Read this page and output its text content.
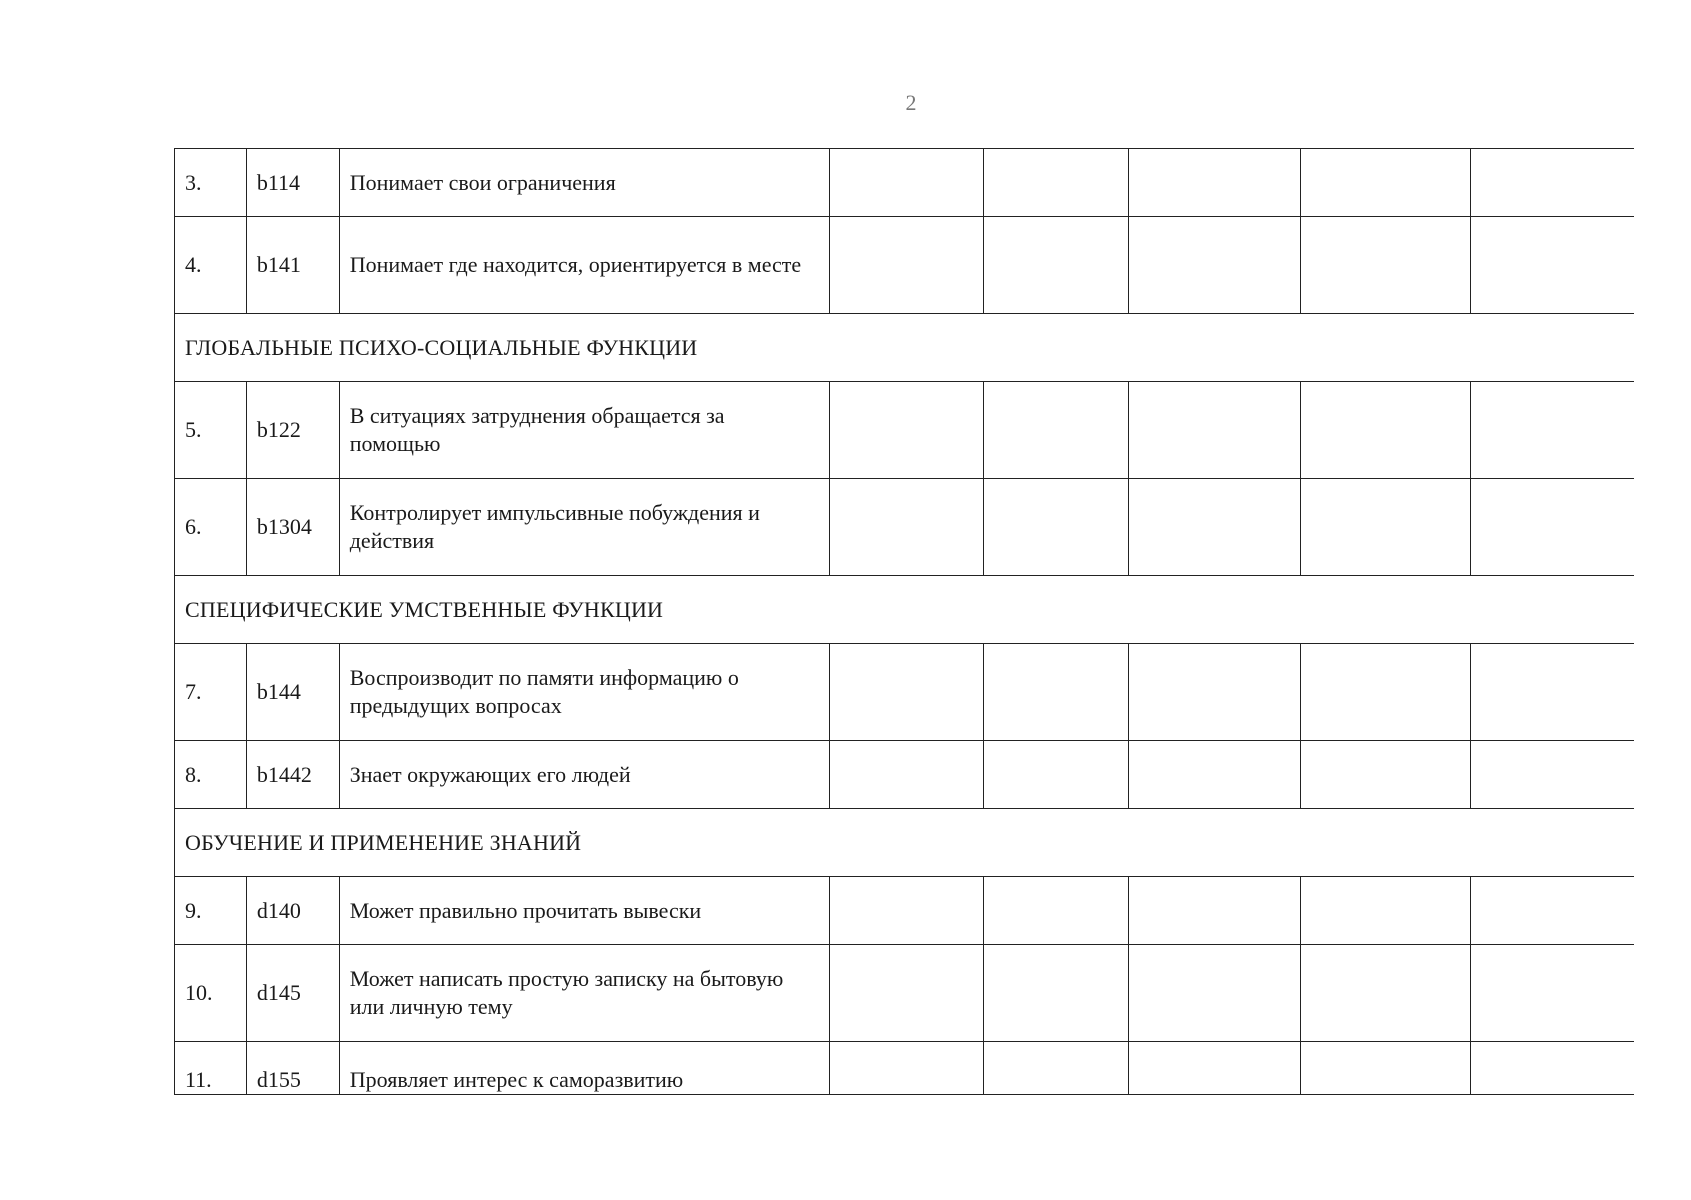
2
3.	b114	Понимает свои ограничения					
4.	b141	Понимает где находится, ориентируется в месте					
ГЛОБАЛЬНЫЕ ПСИХО-СОЦИАЛЬНЫЕ ФУНКЦИИ							
5.	b122	В ситуациях затруднения обращается за помощью					
6.	b1304	Контролирует импульсивные побуждения и действия					
СПЕЦИФИЧЕСКИЕ УМСТВЕННЫЕ ФУНКЦИИ							
7.	b144	Воспроизводит по памяти информацию о предыдущих вопросах					
8.	b1442	Знает окружающих его людей					
ОБУЧЕНИЕ И ПРИМЕНЕНИЕ ЗНАНИЙ							
9.	d140	Может правильно прочитать вывески					
10.	d145	Может написать простую записку на бытовую или личную тему					
11.	d155	Проявляет интерес к саморазвитию					
